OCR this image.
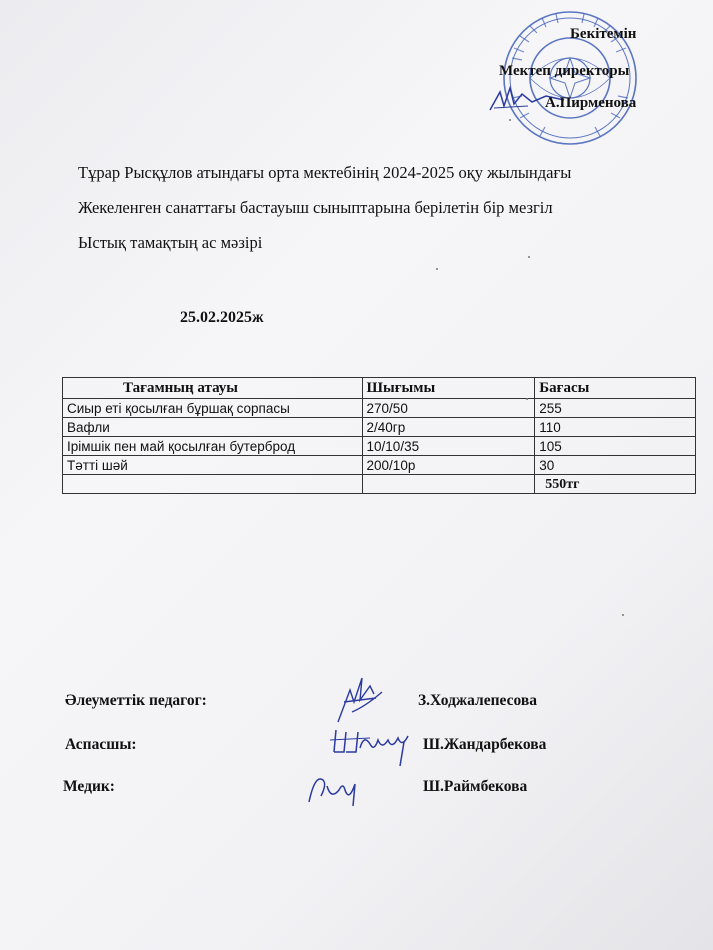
Бекітемін
Мектеп директоры
А.Пирменова
Тұрар Рысқұлов атындағы орта мектебінің 2024-2025 оқу жылындағы
Жекеленген санаттағы бастауыш сыныптарына берілетін бір мезгіл
Ыстық тамақтың ас мәзірі
25.02.2025ж
Тағамның атауы	Шығымы	Бағасы
Сиыр еті қосылған бұршақ сорпасы	270/50	255
Вафли	2/40гр	110
Ірімшік пен май қосылған бутерброд	10/10/35	105
Тәтті шәй	200/10р	30
		550тг
Әлеуметтік педагог:
Аспасшы:
Медик:
З.Ходжалепесова
Ш.Жандарбекова
Ш.Раймбекова
